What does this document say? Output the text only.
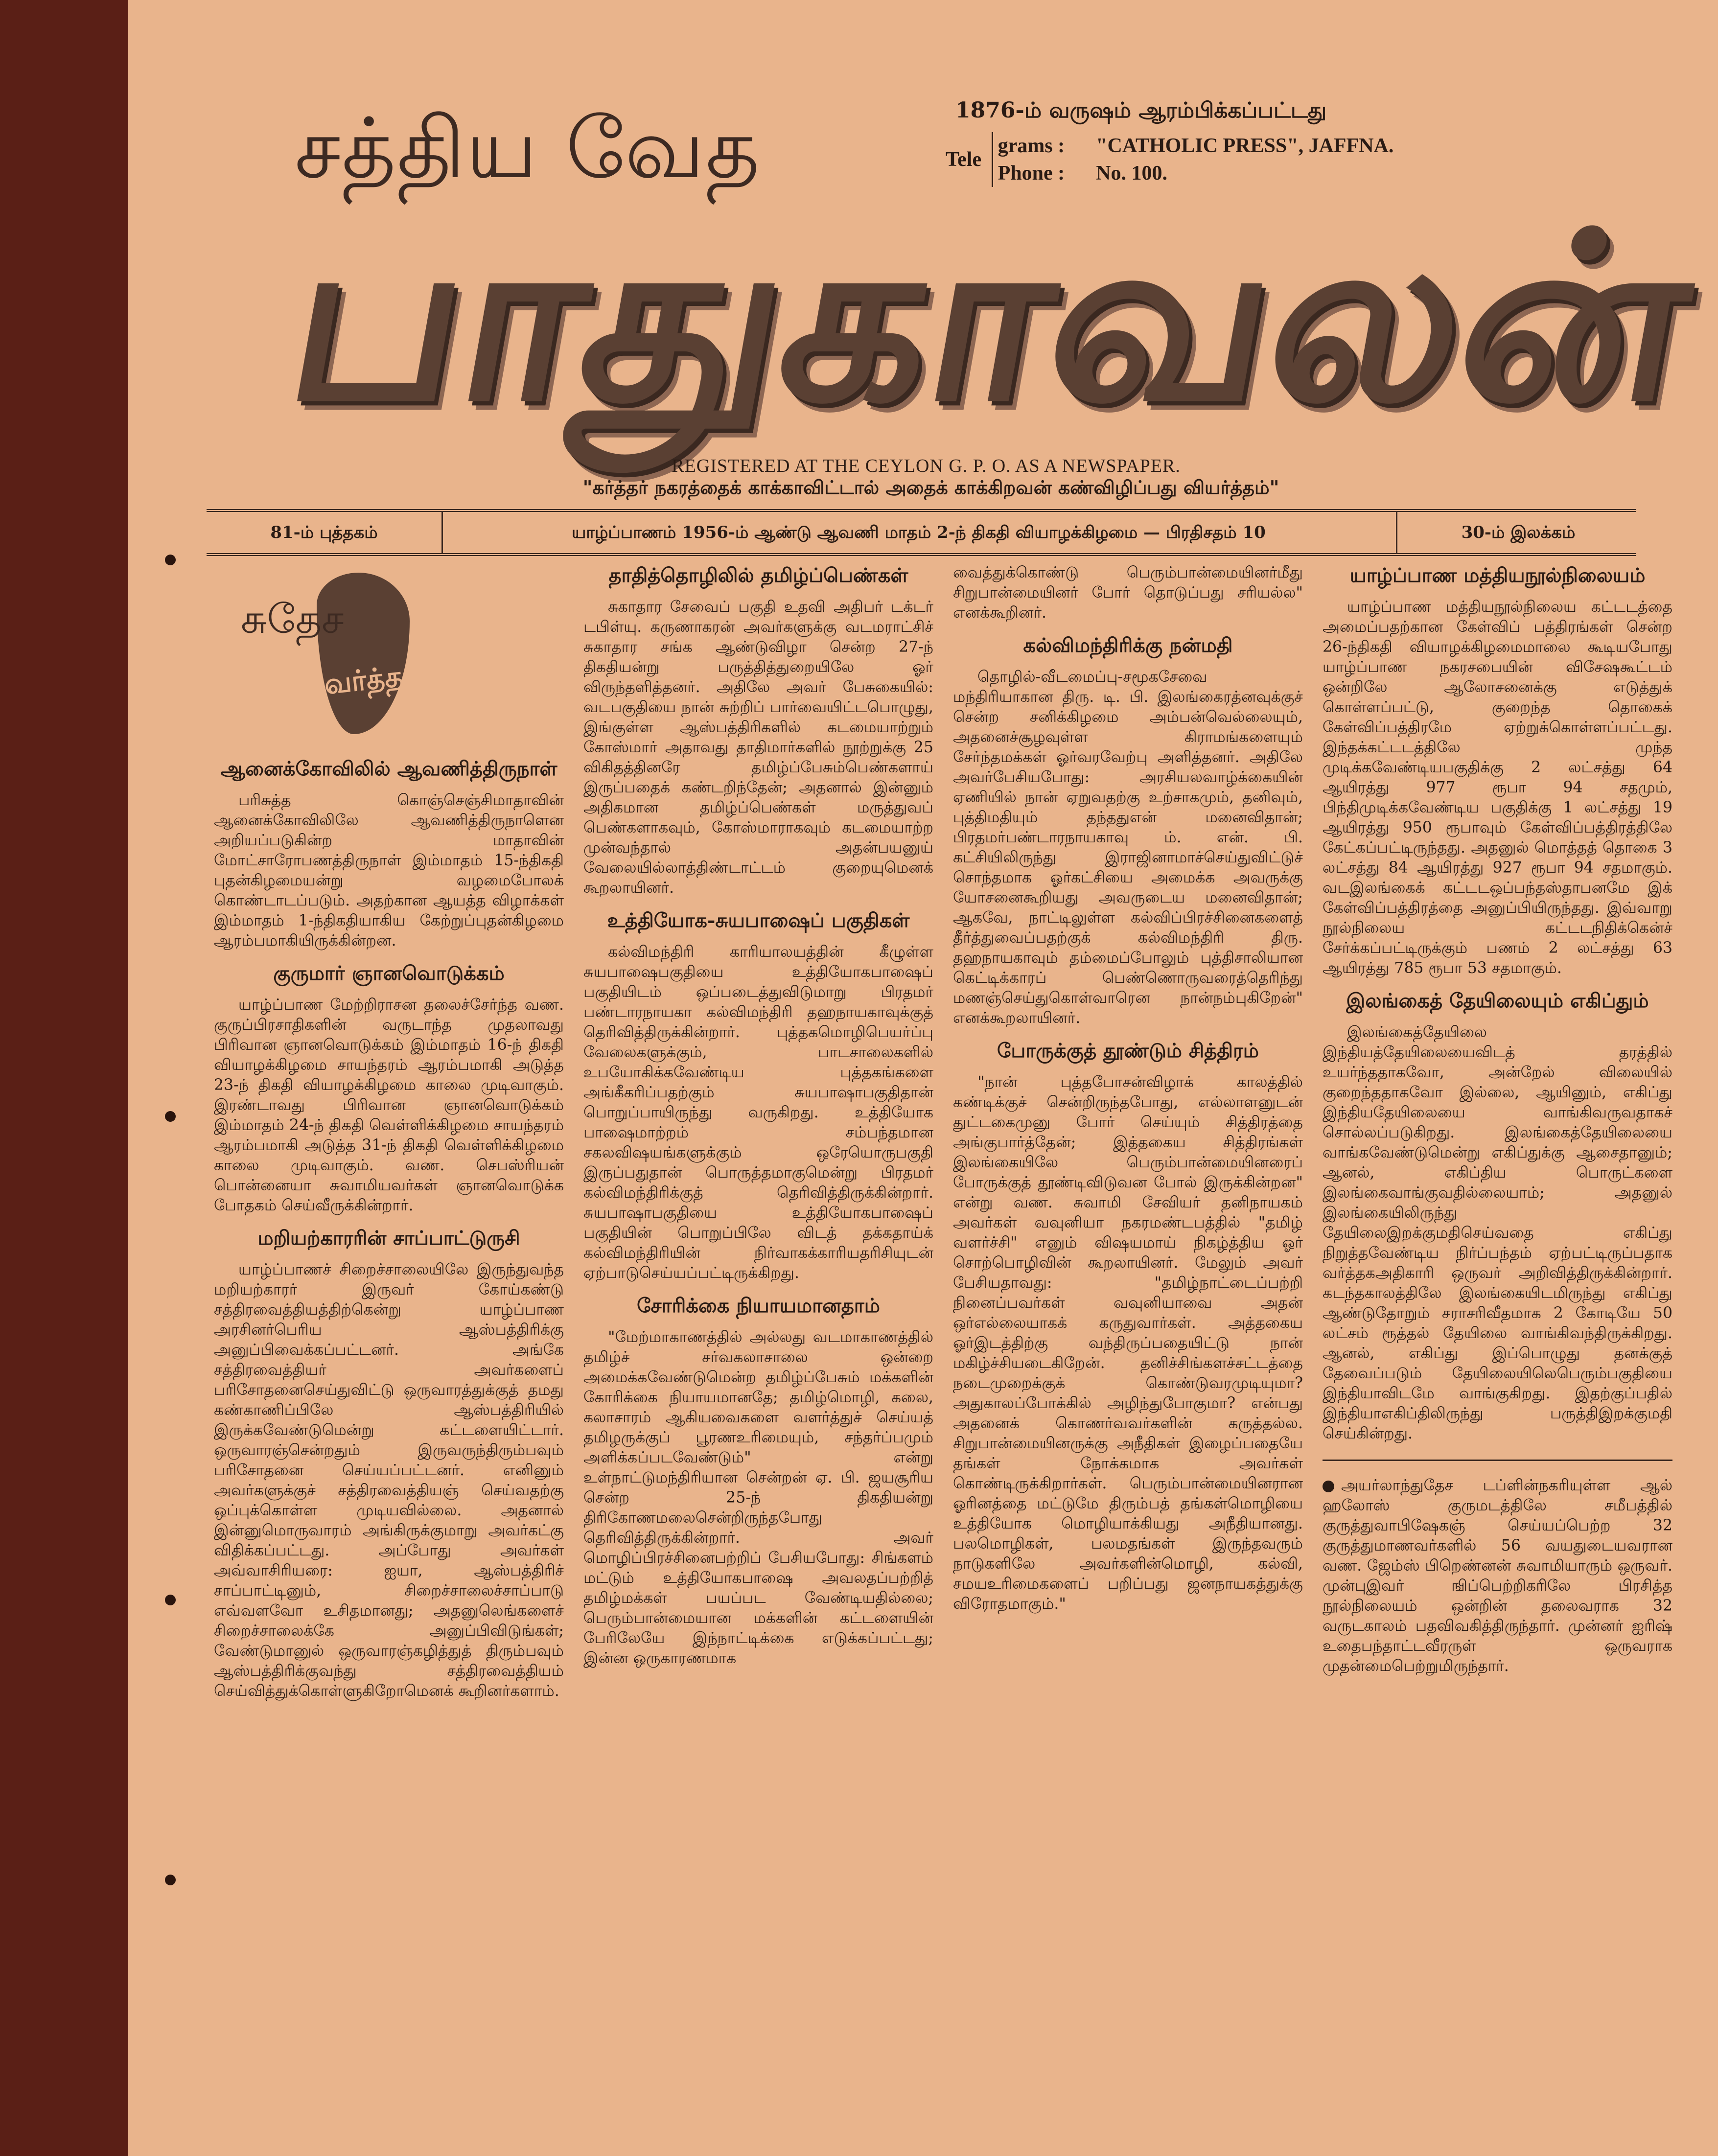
சத்திய வேத
பாதுகாவலன்
1876-ம் வருஷம் ஆரம்பிக்கப்பட்டது
Tele
grams : "CATHOLIC PRESS", JAFFNA.
Phone : No. 100.
REGISTERED AT THE CEYLON G. P. O. AS A NEWSPAPER.
"கர்த்தர் நகரத்தைக் காக்காவிட்டால் அதைக் காக்கிறவன் கண்விழிப்பது வியர்த்தம்"
81-ம் புத்தகம்	யாழ்ப்பாணம் 1956-ம் ஆண்டு ஆவணி மாதம் 2-ந் திகதி வியாழக்கிழமை — பிரதிசதம் 10	30-ம் இலக்கம்
சுதேச
வர்த்தமானம்
ஆனைக்கோவிலில் ஆவணித்திருநாள்

பரிசுத்த கொஞ்செஞ்சிமாதாவின் ஆனைக்கோவிலிலே ஆவணித்திருநாளென அறியப்படுகின்ற மாதாவின் மோட்சாரோபணத்திருநாள் இம்மாதம் 15-ந்திகதி புதன்கிழமையன்று வழமைபோலக் கொண்டாடப்படும். அதற்கான ஆயத்த விழாக்கள் இம்மாதம் 1-ந்திகதியாகிய கேற்றுப்புதன்கிழமை ஆரம்பமாகியிருக்கின்றன.

குருமார் ஞானவொடுக்கம்

யாழ்ப்பாண மேற்றிராசன தலைச்சேர்ந்த வண. குருப்பிரசாதிகளின் வருடாந்த முதலாவது பிரிவான ஞானவொடுக்கம் இம்மாதம் 16-ந் திகதி வியாழக்கிழமை சாயந்தரம் ஆரம்பமாகி அடுத்த 23-ந் திகதி வியாழக்கிழமை காலை முடிவாகும். இரண்டாவது பிரிவான ஞானவொடுக்கம் இம்மாதம் 24-ந் திகதி வெள்ளிக்கிழமை சாயந்தரம் ஆரம்பமாகி அடுத்த 31-ந் திகதி வெள்ளிக்கிழமை காலை முடிவாகும். வண. செபஸ்ரியன் பொன்னையா சுவாமியவர்கள் ஞானவொடுக்க போதகம் செய்வீருக்கின்றார்.

மறியற்காரரின் சாப்பாட்டுருசி

யாழ்ப்பாணச் சிறைச்சாலையிலே இருந்துவந்த மறியற்காரர் இருவர் கோய்கண்டு சத்திரவைத்தியத்திற்கென்று யாழ்ப்பாண அரசினர்பெரிய ஆஸ்பத்திரிக்கு அனுப்பிவைக்கப்பட்டனர். அங்கே சத்திரவைத்தியர் அவர்களைப் பரிசோதனைசெய்துவிட்டு ஒருவாரத்துக்குத் தமது கண்காணிப்பிலே ஆஸ்பத்திரியில் இருக்கவேண்டுமென்று கட்டளையிட்டார். ஒருவாரஞ்சென்றதும் இருவருந்திரும்பவும் பரிசோதனை செய்யப்பட்டனர். எனினும் அவர்களுக்குச் சத்திரவைத்தியஞ் செய்வதற்கு ஒப்புக்கொள்ள முடியவில்லை. அதனால் இன்னுமொருவாரம் அங்கிருக்குமாறு அவர்கட்கு விதிக்கப்பட்டது. அப்போது அவர்கள் அவ்வாசிரியரை: ஐயா, ஆஸ்பத்திரிச் சாப்பாட்டினும், சிறைச்சாலைச்சாப்பாடு எவ்வளவோ உசிதமானது; அதனுலெங்களைச் சிறைச்சாலைக்கே அனுப்பிவிடுங்கள்; வேண்டுமானுல் ஒருவாரஞ்கழித்துத் திரும்பவும் ஆஸ்பத்திரிக்குவந்து சத்திரவைத்தியம் செய்வித்துக்கொள்ளுகிறோமெனக் கூறினர்களாம்.

தாதித்தொழிலில் தமிழ்ப்பெண்கள்

சுகாதார சேவைப் பகுதி உதவி அதிபர் டக்டர் டபிள்யு. கருணாகரன் அவர்களுக்கு வடமராட்சிச் சுகாதார சங்க ஆண்டுவிழா சென்ற 27-ந் திகதியன்று பருத்தித்துறையிலே ஓர் விருந்தளித்தனர். அதிலே அவர் பேசுகையில்: வடபகுதியை நான் சுற்றிப் பார்வையிட்டபொழுது, இங்குள்ள ஆஸ்பத்திரிகளில் கடமையாற்றும் கோஸ்மார் அதாவது தாதிமார்களில் நூற்றுக்கு 25 விகிதத்தினரே தமிழ்ப்பேசும்பெண்களாய் இருப்பதைக் கண்டறிந்தேன்; அதனால் இன்னும் அதிகமான தமிழ்ப்பெண்கள் மருத்துவப் பெண்களாகவும், கோஸ்மாராகவும் கடமையாற்ற முன்வந்தால் அதன்பயனுய் வேலையில்லாத்திண்டாட்டம் குறையுமெனக் கூறலாயினர்.

உத்தியோக-சுயபாஷைப் பகுதிகள்

கல்விமந்திரி காரியாலயத்தின் கீழுள்ள சுயபாஷைபகுதியை உத்தியோகபாஷைப் பகுதியிடம் ஒப்படைத்துவிடுமாறு பிரதமர் பண்டாரநாயகா கல்விமந்திரி தஹநாயகாவுக்குத் தெரிவித்திருக்கின்றார். புத்தகமொழிபெயர்ப்பு வேலைகளுக்கும், பாடசாலைகளில் உபயோகிக்கவேண்டிய புத்தகங்களை அங்கீகரிப்பதற்கும் சுயபாஷாபகுதிதான் பொறுப்பாயிருந்து வருகிறது. உத்தியோக பாஷைமாற்றம் சம்பந்தமான சகலவிஷயங்களுக்கும் ஒரேயொருபகுதி இருப்பதுதான் பொருத்தமாகுமென்று பிரதமர் கல்விமந்திரிக்குத் தெரிவித்திருக்கின்றார். சுயபாஷாபகுதியை உத்தியோகபாஷைப் பகுதியின் பொறுப்பிலே விடத் தக்கதாய்க் கல்விமந்திரியின் நிர்வாகக்காரியதரிசியுடன் ஏற்பாடுசெய்யப்பட்டிருக்கிறது.

சோரிக்கை நியாயமானதாம்

"மேற்மாகாணத்தில் அல்லது வடமாகாணத்தில் தமிழ்ச் சர்வகலாசாலை ஒன்றை அமைக்கவேண்டுமென்ற தமிழ்ப்பேசும் மக்களின் கோரிக்கை நியாயமானதே; தமிழ்மொழி, கலை, கலாசாரம் ஆகியவைகளை வளர்த்துச் செய்யத் தமிழருக்குப் பூரணஉரிமையும், சந்தர்ப்பமும் அளிக்கப்படவேண்டும்" என்று உள்நாட்டுமந்திரியான சென்றன் ஏ. பி. ஜயசூரிய சென்ற 25-ந் திகதியன்று திரிகோணமலைசென்றிருந்தபோது தெரிவித்திருக்கின்றார். அவர் மொழிப்பிரச்சினைபற்றிப் பேசியபோது: சிங்களம் மட்டும் உத்தியோகபாஷை அவலதப்பற்றித் தமிழ்மக்கள் பயப்பட வேண்டியதில்லை; பெரும்பான்மையான மக்களின் கட்டளையின் பேரிலேயே இந்நாட்டிக்கை எடுக்கப்பட்டது; இன்ன ஒருகாரணமாக

வைத்துக்கொண்டு பெரும்பான்மையினர்மீது சிறுபான்மையினர் போர் தொடுப்பது சரியல்ல" எனக்கூறினர்.

கல்விமந்திரிக்கு நன்மதி

தொழில்-வீடமைப்பு-சமூகசேவை மந்திரியாகான திரு. டி. பி. இலங்கைரத்னவுக்குச் சென்ற சனிக்கிழமை அம்பன்வெல்லையும், அதனைச்சூழவுள்ள கிராமங்களையும் சேர்ந்தமக்கள் ஓர்வரவேற்பு அளித்தனர். அதிலே அவர்பேசியபோது: அரசியலவாழ்க்கையின் ஏணியில் நான் ஏறுவதற்கு உற்சாகமும், தனிவும், புத்திமதியும் தந்ததுஎன் மனைவிதான்; பிரதமர்பண்டாரநாயகாவு ம். என். பி. கட்சியிலிருந்து இராஜினாமாச்செய்துவிட்டுச் சொந்தமாக ஓர்கட்சியை அமைக்க அவருக்கு யோசனைகூறியது அவருடைய மனைவிதான்; ஆகவே, நாட்டிலுள்ள கல்விப்பிரச்சினைகளைத் தீர்த்துவைப்பதற்குக் கல்விமந்திரி திரு. தஹநாயகாவும் தம்மைப்போலும் புத்திசாலியான கெட்டிக்காரப் பெண்ணொருவரைத்தெரிந்து மணஞ்செய்துகொள்வாரென நான்நம்புகிறேன்" எனக்கூறலாயினர்.

போருக்குத் தூண்டும் சித்திரம்

"நான் புத்தபோசன்விழாக் காலத்தில் கண்டிக்குச் சென்றிருந்தபோது, எல்லாளனுடன் துட்டகைமுனு போர் செய்யும் சித்திரத்தை அங்குபார்த்தேன்; இத்தகைய சித்திரங்கள் இலங்கையிலே பெரும்பான்மையினரைப் போருக்குத் தூண்டிவிடுவன போல் இருக்கின்றன" என்று வண. சுவாமி சேவியர் தனிநாயகம் அவர்கள் வவுனியா நகரமண்டபத்தில் "தமிழ் வளர்ச்சி" எனும் விஷயமாய் நிகழ்த்திய ஓர் சொற்பொழிவின் கூறலாயினர். மேலும் அவர் பேசியதாவது: "தமிழ்நாட்டைப்பற்றி நினைப்பவர்கள் வவுனியாவை அதன் ஒர்எல்லையாகக் கருதுவார்கள். அத்தகைய ஓர்இடத்திற்கு வந்திருப்பதையிட்டு நான் மகிழ்ச்சியடைகிறேன். தனிச்சிங்களச்சட்டத்தை நடைமுறைக்குக் கொண்டுவரமுடியுமா? அதுகாலப்போக்கில் அழிந்துபோகுமா? என்பது அதனைக் கொணர்வவர்களின் கருத்தல்ல. சிறுபான்மையினருக்கு அநீதிகள் இழைப்பதையே தங்கள் நோக்கமாக அவர்கள் கொண்டிருக்கிறார்கள். பெரும்பான்மையினரான ஓரினத்தை மட்டுமே திரும்பத் தங்கள்மொழியை உத்தியோக மொழியாக்கியது அநீதியானது. பலமொழிகள், பலமதங்கள் இருந்தவரும் நாடுகளிலே அவர்களின்மொழி, கல்வி, சமயஉரிமைகளைப் பறிப்பது ஜனநாயகத்துக்கு விரோதமாகும்."

யாழ்ப்பாண மத்தியநூல்நிலையம்

யாழ்ப்பாண மத்தியநூல்நிலைய கட்டடத்தை அமைப்பதற்கான கேள்விப் பத்திரங்கள் சென்ற 26-ந்திகதி வியாழக்கிழமைமாலை கூடியபோது யாழ்ப்பாண நகரசபையின் விசேஷகூட்டம் ஒன்றிலே ஆலோசனைக்கு எடுத்துக் கொள்ளப்பட்டு, குறைந்த தொகைக் கேள்விப்பத்திரமே ஏற்றுக்கொள்ளப்பட்டது. இந்தக்கட்டடத்திலே முந்த முடிக்கவேண்டியபகுதிக்கு 2 லட்சத்து 64 ஆயிரத்து 977 ரூபா 94 சதமும், பிந்திமுடிக்கவேண்டிய பகுதிக்கு 1 லட்சத்து 19 ஆயிரத்து 950 ரூபாவும் கேள்விப்பத்திரத்திலே கேட்கப்பட்டிருந்தது. அதனுல் மொத்தத் தொகை 3 லட்சத்து 84 ஆயிரத்து 927 ரூபா 94 சதமாகும். வடஇலங்கைக் கட்டடஒப்பந்தஸ்தாபனமே இக் கேள்விப்பத்திரத்தை அனுப்பியிருந்தது. இவ்வாறு நூல்நிலைய கட்டடநிதிக்கென்ச் சேர்க்கப்பட்டிருக்கும் பணம் 2 லட்சத்து 63 ஆயிரத்து 785 ரூபா 53 சதமாகும்.

இலங்கைத் தேயிலையும் எகிப்தும்

இலங்கைத்தேயிலை இந்தியத்தேயிலையைவிடத் தரத்தில் உயர்ந்ததாகவோ, அன்றேல் விலையில் குறைந்ததாகவோ இல்லை, ஆயினும், எகிப்து இந்தியதேயிலையை வாங்கிவருவதாகச் சொல்லப்படுகிறது. இலங்கைத்தேயிலையை வாங்கவேண்டுமென்று எகிப்துக்கு ஆசைதானும்; ஆனல், எகிப்திய பொருட்களை இலங்கைவாங்குவதில்லையாம்; அதனுல் இலங்கையிலிருந்து தேயிலைஇறக்குமதிசெய்வதை எகிப்து நிறுத்தவேண்டிய நிர்ப்பந்தம் ஏற்பட்டிருப்பதாக வர்த்தகஅதிகாரி ஒருவர் அறிவித்திருக்கின்றார். கடந்தகாலத்திலே இலங்கையிடமிருந்து எகிப்து ஆண்டுதோறும் சராசரிவீதமாக 2 கோடியே 50 லட்சம் ரூத்தல் தேயிலை வாங்கிவந்திருக்கிறது. ஆனல், எகிப்து இப்பொழுது தனக்குத் தேவைப்படும் தேயிலையிலெபெரும்பகுதியை இந்தியாவிடமே வாங்குகிறது. இதற்குப்பதில் இந்தியாஎகிப்திலிருந்து பருத்திஇறக்குமதி செய்கின்றது.

அயர்லாந்துதேச டப்ளின்நகரியுள்ள ஆல் ஹலோஸ் குருமடத்திலே சமீபத்தில் குருத்துவாபிஷேகஞ் செய்யப்பெற்ற 32 குருத்துமாணவர்களில் 56 வயதுடையவரான வண. ஜேம்ஸ் பிறெண்னன் சுவாமியாரும் ஒருவர். முன்புஇவர் ஙிப்பெற்றிகரிலே பிரசித்த நூல்நிலையம் ஒன்றின் தலைவராக 32 வருடகாலம் பதவிவகித்திருந்தார். முன்னர் ஐரிஷ் உதைபந்தாட்டவீரருள் ஒருவராக முதன்மைபெற்றுமிருந்தார்.
